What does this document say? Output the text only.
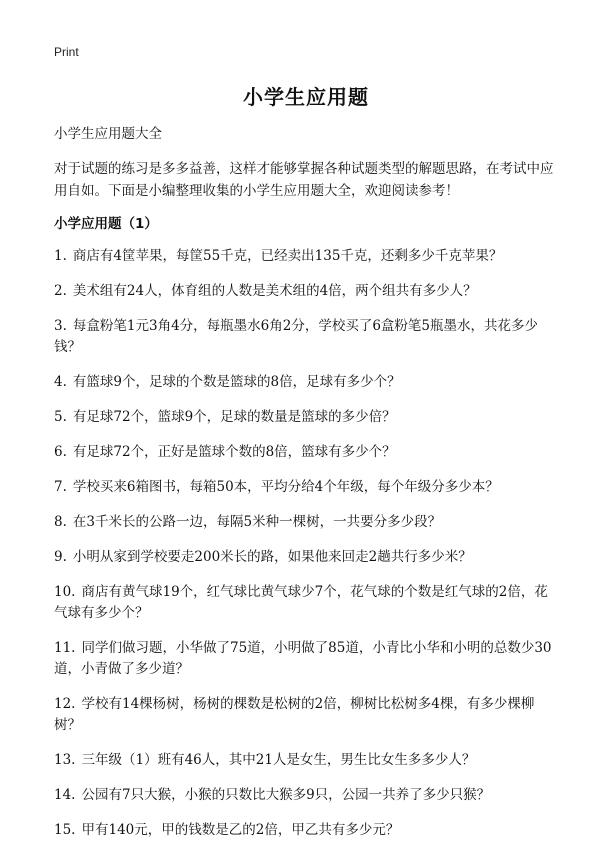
Print
小学生应用题

小学生应用题大全

对于试题的练习是多多益善，这样才能够掌握各种试题类型的解题思路，在考试中应用自如。下面是小编整理收集的小学生应用题大全，欢迎阅读参考！

小学应用题（1）
1. 商店有4筐苹果，每筐55千克，已经卖出135千克，还剩多少千克苹果？
2. 美术组有24人，体育组的人数是美术组的4倍，两个组共有多少人？
3. 每盒粉笔1元3角4分，每瓶墨水6角2分，学校买了6盒粉笔5瓶墨水，共花多少钱？
4. 有篮球9个，足球的个数是篮球的8倍，足球有多少个？
5. 有足球72个，篮球9个，足球的数量是篮球的多少倍？
6. 有足球72个，正好是篮球个数的8倍，篮球有多少个？
7. 学校买来6箱图书，每箱50本，平均分给4个年级，每个年级分多少本？
8. 在3千米长的公路一边，每隔5米种一棵树，一共要分多少段？
9. 小明从家到学校要走200米长的路，如果他来回走2趟共行多少米？
10. 商店有黄气球19个，红气球比黄气球少7个，花气球的个数是红气球的2倍，花气球有多少个？
11. 同学们做习题，小华做了75道，小明做了85道，小青比小华和小明的总数少30道，小青做了多少道？
12. 学校有14棵杨树，杨树的棵数是松树的2倍，柳树比松树多4棵，有多少棵柳树？
13. 三年级（1）班有46人，其中21人是女生，男生比女生多多少人？
14. 公园有7只大猴，小猴的只数比大猴多9只，公园一共养了多少只猴？
15. 甲有140元，甲的钱数是乙的2倍，甲乙共有多少元？
